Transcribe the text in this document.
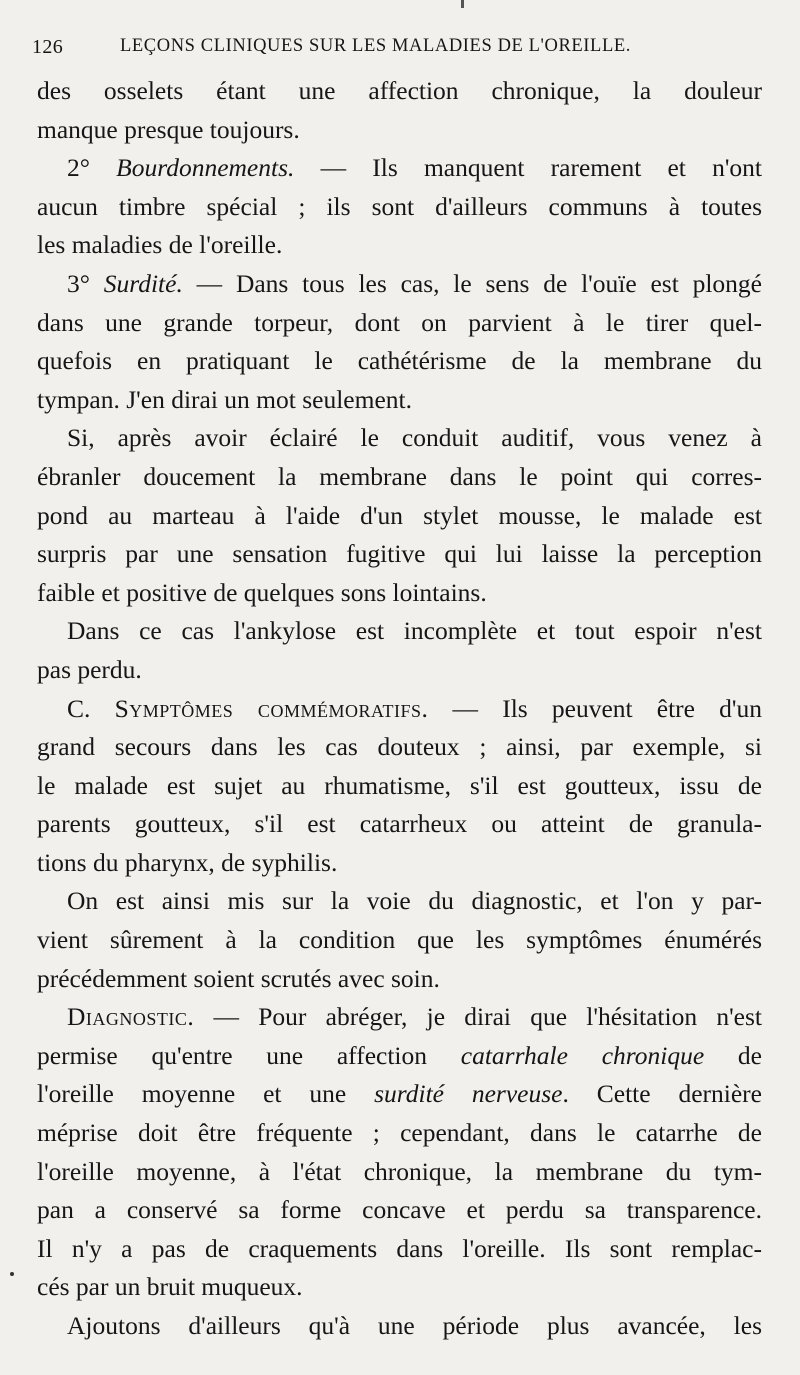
126	LEÇONS CLINIQUES SUR LES MALADIES DE L'OREILLE.
des osselets étant une affection chronique, la douleur
manque presque toujours.
2° Bourdonnements. — Ils manquent rarement et n'ont
aucun timbre spécial ; ils sont d'ailleurs communs à toutes
les maladies de l'oreille.
3° Surdité. — Dans tous les cas, le sens de l'ouïe est plongé
dans une grande torpeur, dont on parvient à le tirer quel-
quefois en pratiquant le cathétérisme de la membrane du
tympan. J'en dirai un mot seulement.
Si, après avoir éclairé le conduit auditif, vous venez à
ébranler doucement la membrane dans le point qui corres-
pond au marteau à l'aide d'un stylet mousse, le malade est
surpris par une sensation fugitive qui lui laisse la perception
faible et positive de quelques sons lointains.
Dans ce cas l'ankylose est incomplète et tout espoir n'est
pas perdu.
C. Symptômes commémoratifs. — Ils peuvent être d'un
grand secours dans les cas douteux ; ainsi, par exemple, si
le malade est sujet au rhumatisme, s'il est goutteux, issu de
parents goutteux, s'il est catarrheux ou atteint de granula-
tions du pharynx, de syphilis.
On est ainsi mis sur la voie du diagnostic, et l'on y par-
vient sûrement à la condition que les symptômes énumérés
précédemment soient scrutés avec soin.
Diagnostic. — Pour abréger, je dirai que l'hésitation n'est
permise qu'entre une affection catarrhale chronique de
l'oreille moyenne et une surdité nerveuse. Cette dernière
méprise doit être fréquente ; cependant, dans le catarrhe de
l'oreille moyenne, à l'état chronique, la membrane du tym-
pan a conservé sa forme concave et perdu sa transparence.
Il n'y a pas de craquements dans l'oreille. Ils sont remplac-
cés par un bruit muqueux.
Ajoutons d'ailleurs qu'à une période plus avancée, les
